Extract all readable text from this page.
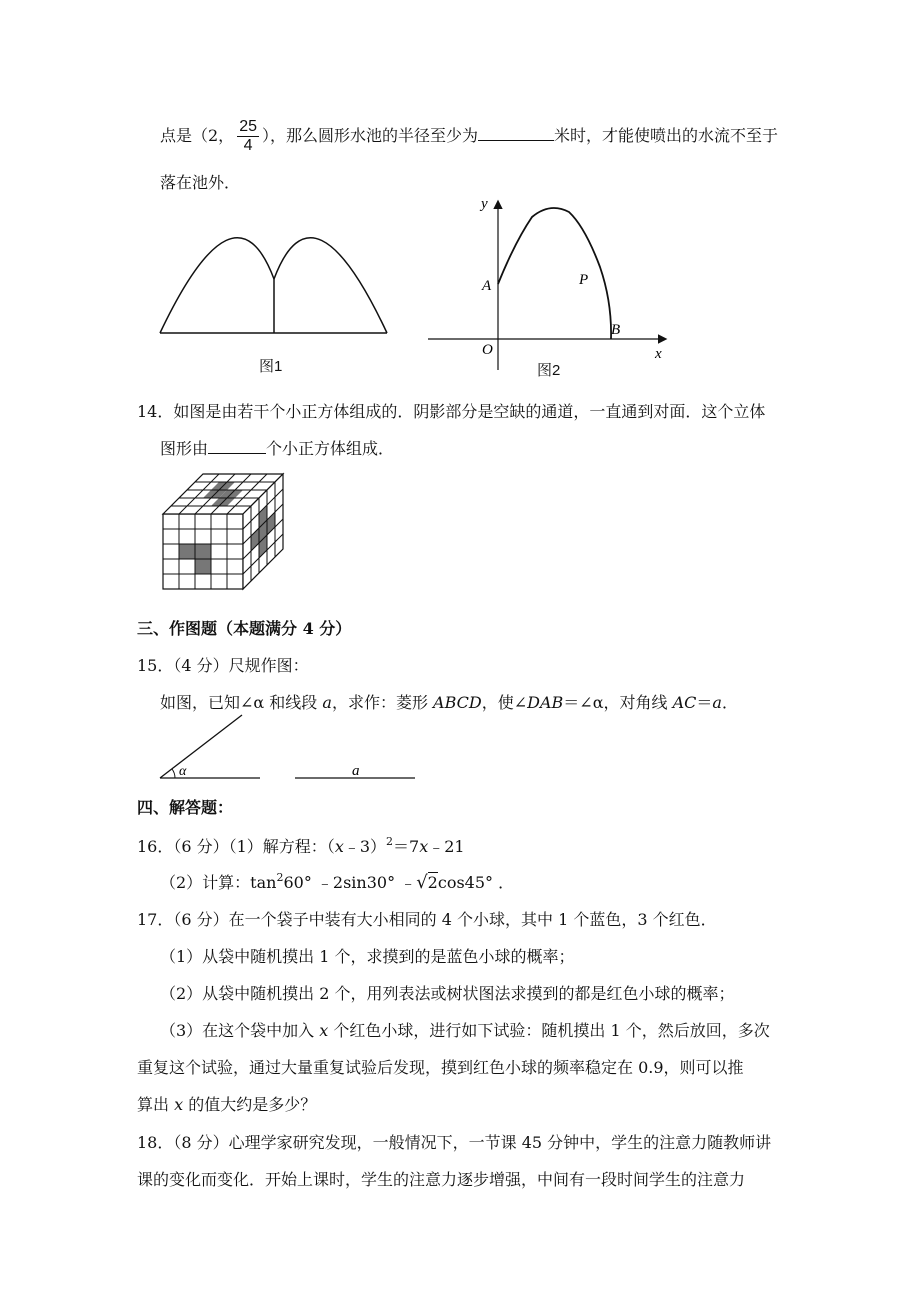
点是（2， $\frac{25}{4}$ ），那么圆形水池的半径至少为	米时，才能使喷出的水流不至于
落在池外．
图1
y
x
A	P
B
O
图2
14．如图是由若干个小正方体组成的．阴影部分是空缺的通道，一直通到对面．这个立体
图形由	个小正方体组成．
三、作图题（本题满分 4 分）
15．（4 分）尺规作图：
如图，已知∠α 和线段 a，求作：菱形 ABCD，使∠DAB＝∠α，对角线 AC＝a．
α	a
四、解答题：
16．（6 分）（1）解方程：（x﹣3）$^2$＝7x﹣21
（2）计算：$\tan^260^\circ$ ﹣2sin30° ﹣√2cos45° ．
17．（6 分）在一个袋子中装有大小相同的 4 个小球，其中 1 个蓝色，3 个红色．
（1）从袋中随机摸出 1 个，求摸到的是蓝色小球的概率；
（2）从袋中随机摸出 2 个，用列表法或树状图法求摸到的都是红色小球的概率；
（3）在这个袋中加入 x 个红色小球，进行如下试验：随机摸出 1 个，然后放回，多次
重复这个试验，通过大量重复试验后发现，摸到红色小球的频率稳定在 0.9，则可以推
算出 x 的值大约是多少？
18．（8 分）心理学家研究发现，一般情况下，一节课 45 分钟中，学生的注意力随教师讲
课的变化而变化．开始上课时，学生的注意力逐步增强，中间有一段时间学生的注意力
